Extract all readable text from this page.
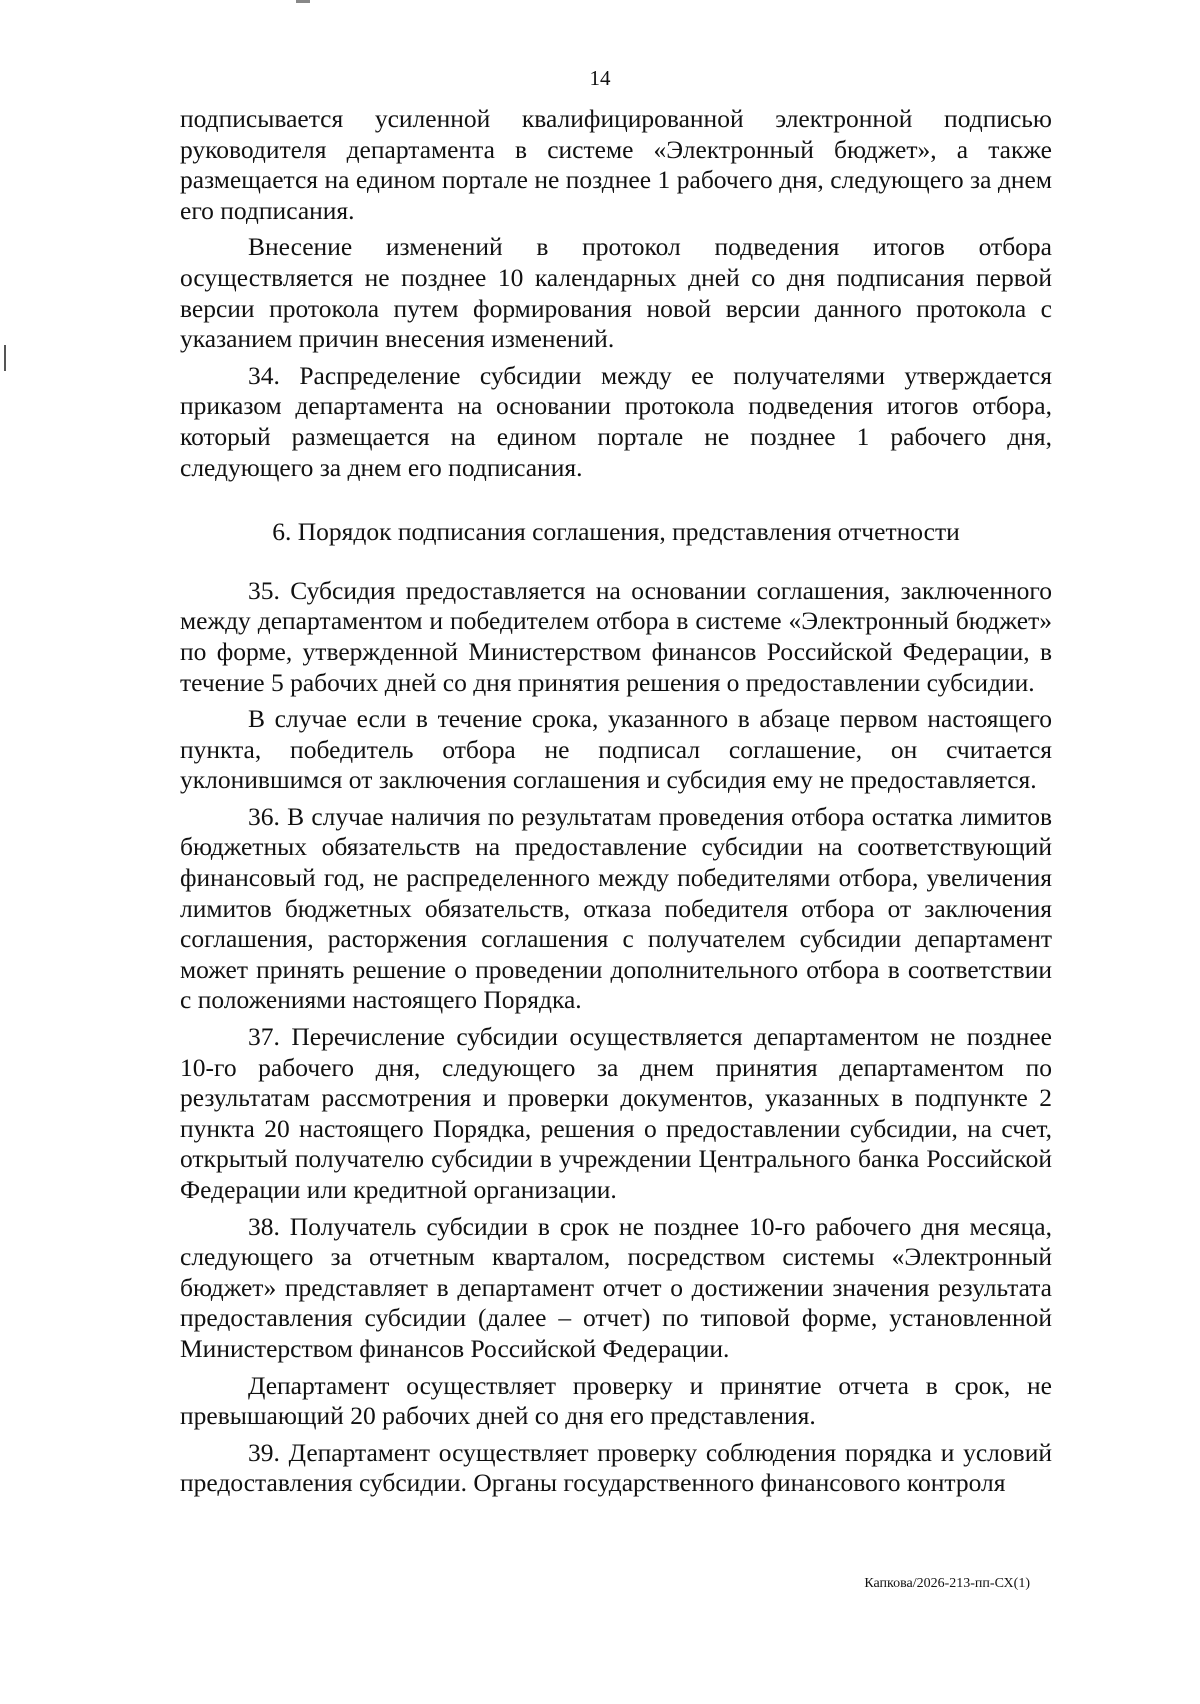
14

подписывается усиленной квалифицированной электронной подписью руководителя департамента в системе «Электронный бюджет», а также размещается на едином портале не позднее 1 рабочего дня, следующего за днем его подписания.

Внесение изменений в протокол подведения итогов отбора осуществляется не позднее 10 календарных дней со дня подписания первой версии протокола путем формирования новой версии данного протокола с указанием причин внесения изменений.

34. Распределение субсидии между ее получателями утверждается приказом департамента на основании протокола подведения итогов отбора, который размещается на едином портале не позднее 1 рабочего дня, следующего за днем его подписания.

6. Порядок подписания соглашения, представления отчетности

35. Субсидия предоставляется на основании соглашения, заключенного между департаментом и победителем отбора в системе «Электронный бюджет» по форме, утвержденной Министерством финансов Российской Федерации, в течение 5 рабочих дней со дня принятия решения о предоставлении субсидии.

В случае если в течение срока, указанного в абзаце первом настоящего пункта, победитель отбора не подписал соглашение, он считается уклонившимся от заключения соглашения и субсидия ему не предоставляется.

36. В случае наличия по результатам проведения отбора остатка лимитов бюджетных обязательств на предоставление субсидии на соответствующий финансовый год, не распределенного между победителями отбора, увеличения лимитов бюджетных обязательств, отказа победителя отбора от заключения соглашения, расторжения соглашения с получателем субсидии департамент может принять решение о проведении дополнительного отбора в соответствии с положениями настоящего Порядка.

37. Перечисление субсидии осуществляется департаментом не позднее 10-го рабочего дня, следующего за днем принятия департаментом по результатам рассмотрения и проверки документов, указанных в подпункте 2 пункта 20 настоящего Порядка, решения о предоставлении субсидии, на счет, открытый получателю субсидии в учреждении Центрального банка Российской Федерации или кредитной организации.

38. Получатель субсидии в срок не позднее 10-го рабочего дня месяца, следующего за отчетным кварталом, посредством системы «Электронный бюджет» представляет в департамент отчет о достижении значения результата предоставления субсидии (далее – отчет) по типовой форме, установленной Министерством финансов Российской Федерации.

Департамент осуществляет проверку и принятие отчета в срок, не превышающий 20 рабочих дней со дня его представления.

39. Департамент осуществляет проверку соблюдения порядка и условий предоставления субсидии. Органы государственного финансового контроля

Капкова/2026-213-пп-СХ(1)
